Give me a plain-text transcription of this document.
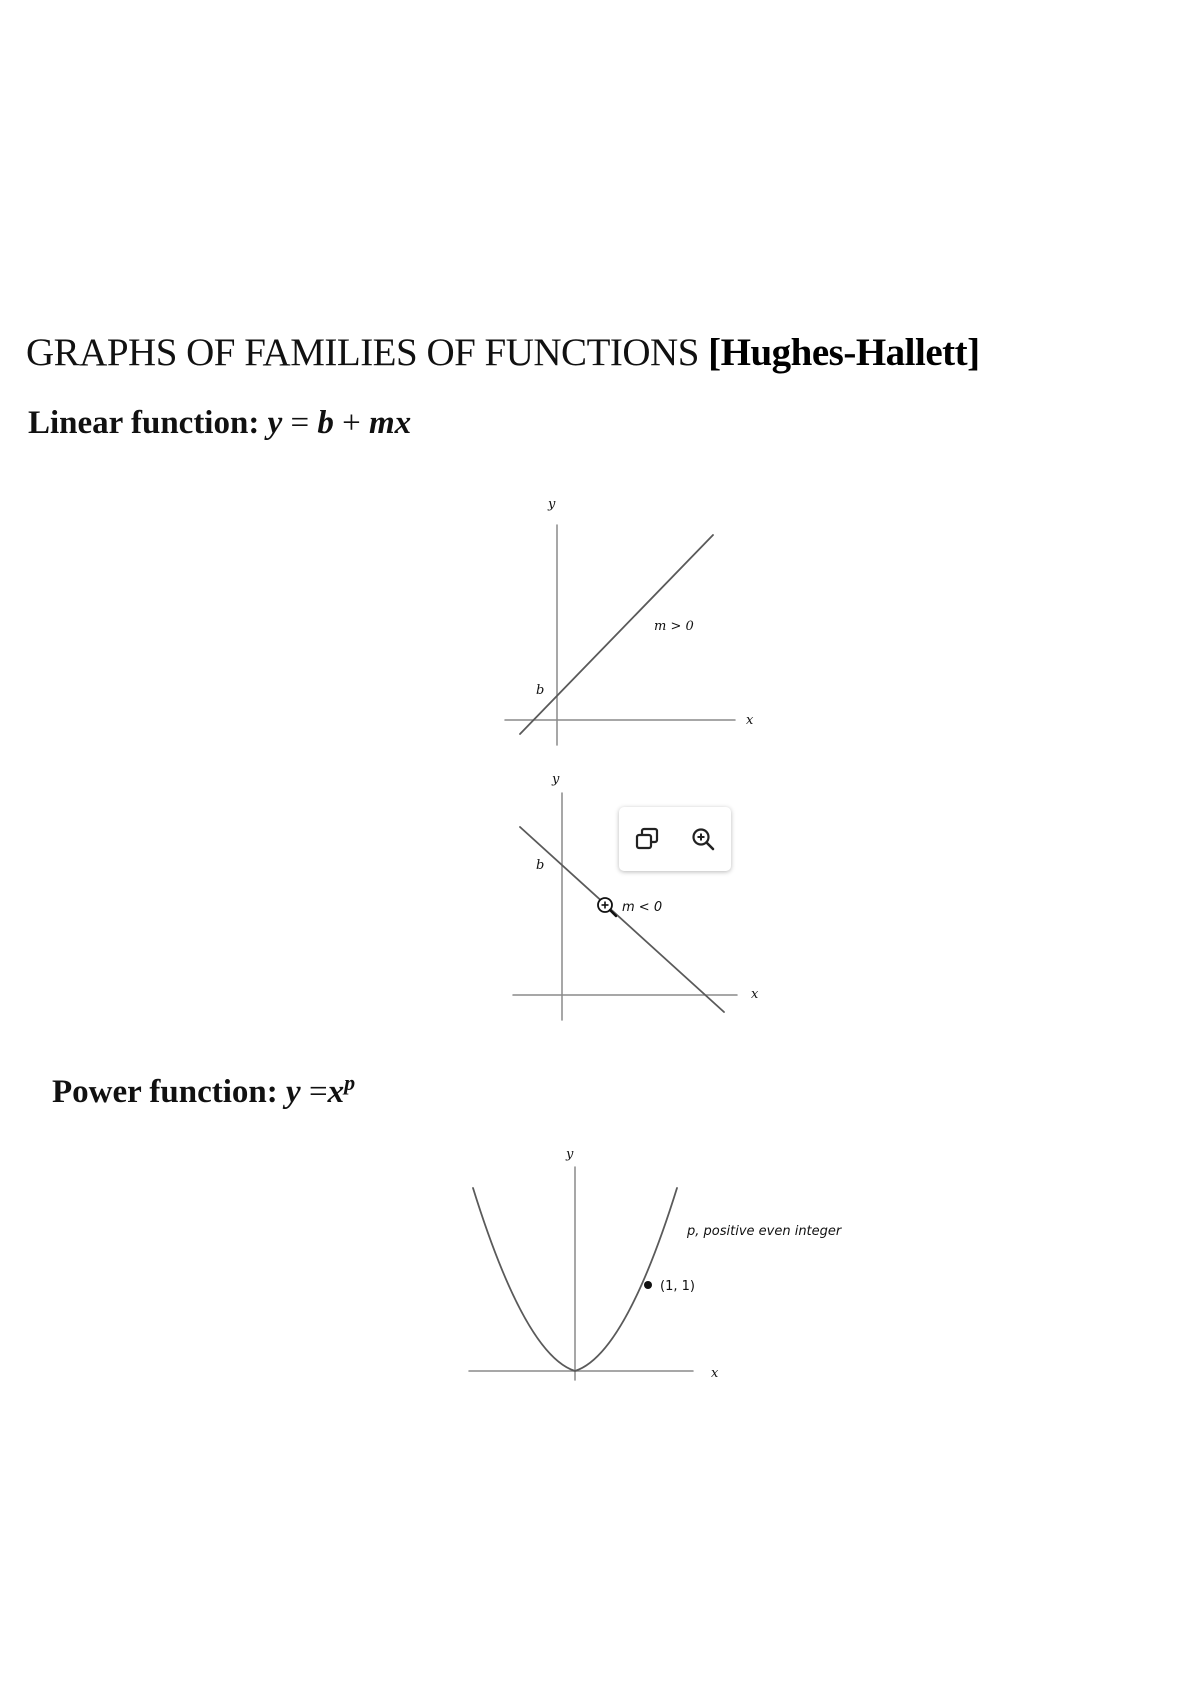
GRAPHS OF FAMILIES OF FUNCTIONS [Hughes-Hallett]
Linear function: y = b + mx
y
x
b
m > 0
y
x
b
m < 0
Power function: $y =x^p$
y
x
(1, 1)
p, positive even integer
